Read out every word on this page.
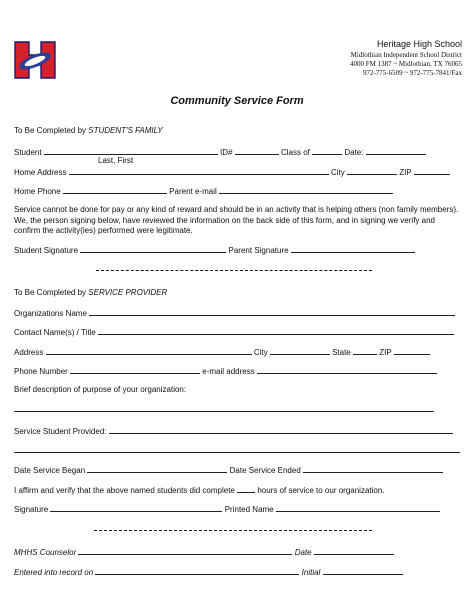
Heritage High School
Midlothian Independent School District
4000 FM 1387 ~ Midlothian, TX 76065
972-775-6509 ~ 972-775-7841/Fax
Community Service Form
To Be Completed by STUDENT'S FAMILY
Student	ID#	Class of	Date:
Last, First
Home Address	City	ZIP
Home Phone	Parent e-mail
Service cannot be done for pay or any kind of reward and should be in an activity that is helping others (non family members). We, the person signing below, have reviewed the information on the back side of this form, and in signing we verify and confirm the activity(ies) performed were legitimate.
Student Signature	Parent Signature
To Be Completed by SERVICE PROVIDER
Organizations Name
Contact Name(s) / Title
Address	City	State	ZIP
Phone Number	e-mail address
Brief description of purpose of your organization:
Service Student Provided:
Date Service Began	Date Service Ended
I affirm and verify that the above named students did complete	hours of service to our organization.
Signature	Printed Name
MHHS Counselor	Date
Entered into record on	Initial
